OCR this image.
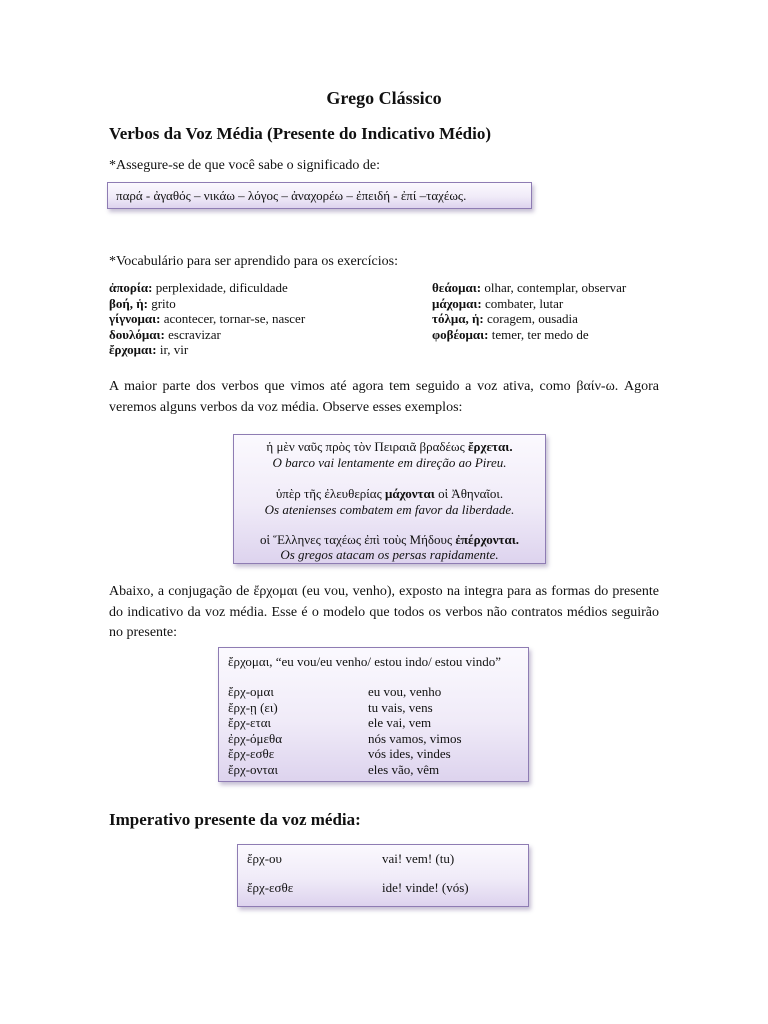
Grego Clássico
Verbos da Voz Média (Presente do Indicativo Médio)
*Assegure-se de que você sabe o significado de:
παρά - ἀγαθός – νικάω – λόγος – ἀναχορέω – ἐπειδή - ἐπί –ταχέως.
*Vocabulário para ser aprendido para os exercícios:
ἀπορία: perplexidade, dificuldade
βοή, ἡ: grito
γίγνομαι: acontecer, tornar-se, nascer
δουλόμαι: escravizar
ἔρχομαι: ir, vir
θεάομαι: olhar, contemplar, observar
μάχομαι: combater, lutar
τόλμα, ἡ: coragem, ousadia
φοβέομαι: temer, ter medo de
A maior parte dos verbos que vimos até agora tem seguido a voz ativa, como βαίν-ω. Agora veremos alguns verbos da voz média. Observe esses exemplos:
ἡ μὲν ναῦς πρὸς τὸν Πειραιᾶ βραδέως ἔρχεται.
O barco vai lentamente em direção ao Pireu.
ὑπὲρ τῆς ἐλευθερίας μάχονται οἱ Ἀθηναῖοι.
Os atenienses combatem em favor da liberdade.
οἱ Ἕλληνες ταχέως ἐπὶ τοὺς Μήδους ἐπέρχονται.
Os gregos atacam os persas rapidamente.
Abaixo, a conjugação de ἔρχομαι (eu vou, venho), exposto na integra para as formas do presente do indicativo da voz média. Esse é o modelo que todos os verbos não contratos médios seguirão no presente:
ἔρχομαι, “eu vou/eu venho/ estou indo/ estou vindo”
ἔρχ-ομαι	eu vou, venho
ἔρχ-ῃ (ει)	tu vais, vens
ἔρχ-εται	ele vai, vem
ἐρχ-όμεθα	nós vamos, vimos
ἔρχ-εσθε	vós ides, vindes
ἔρχ-ονται	eles vão, vêm
Imperativo presente da voz média:
ἔρχ-ου	vai! vem! (tu)
ἔρχ-εσθε	ide! vinde! (vós)
